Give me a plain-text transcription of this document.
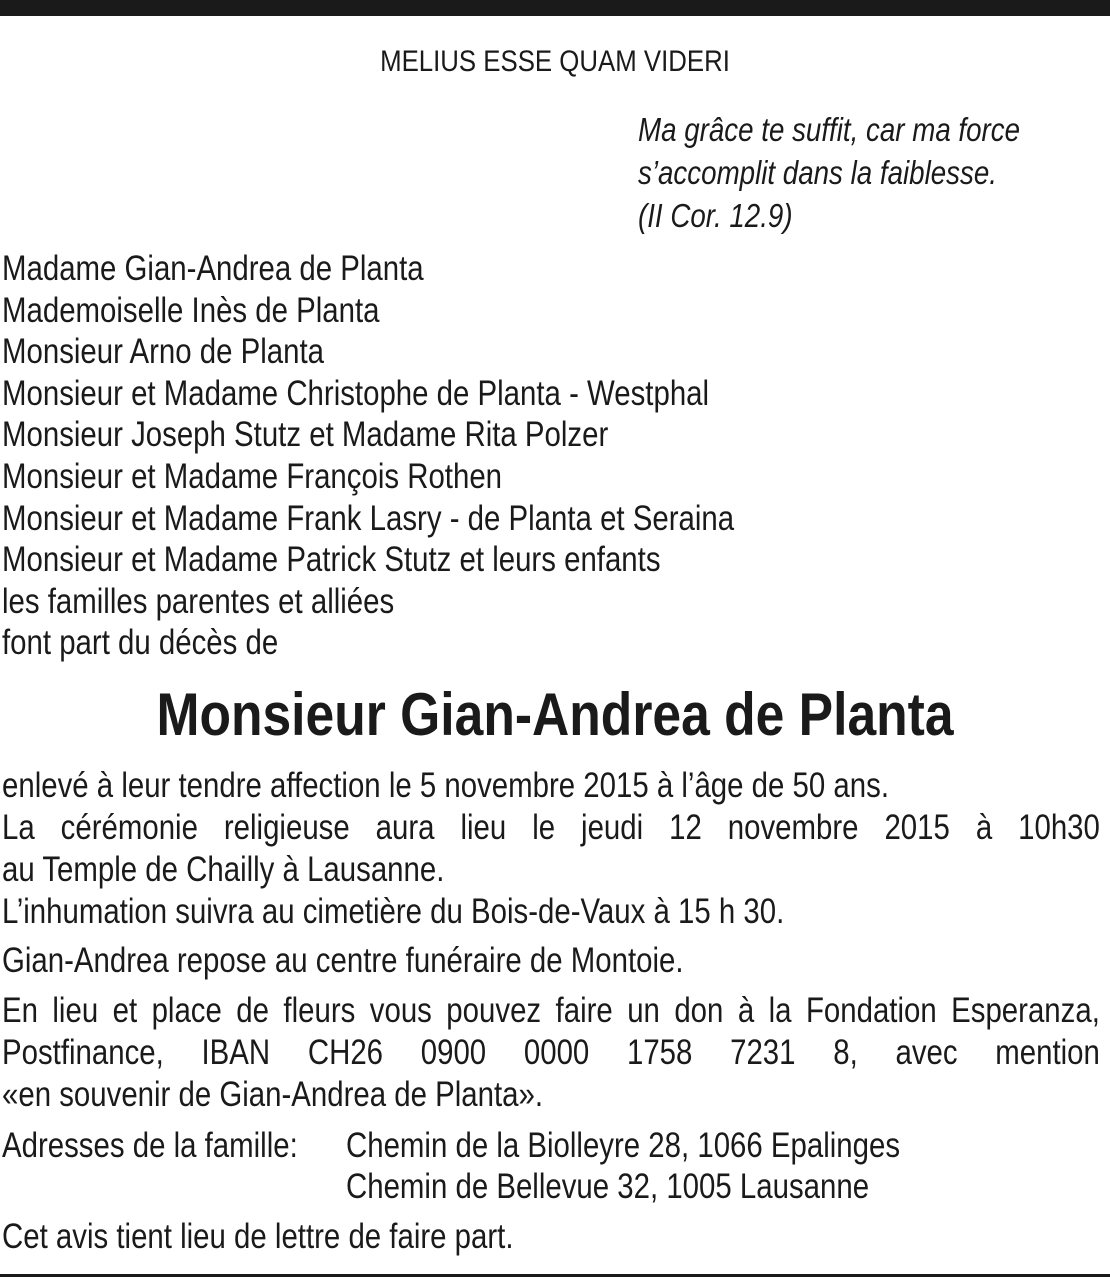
MELIUS ESSE QUAM VIDERI
Ma grâce te suffit, car ma force
s’accomplit dans la faiblesse.
(II Cor. 12.9)
Madame Gian-Andrea de Planta
Mademoiselle Inès de Planta
Monsieur Arno de Planta
Monsieur et Madame Christophe de Planta - Westphal
Monsieur Joseph Stutz et Madame Rita Polzer
Monsieur et Madame François Rothen
Monsieur et Madame Frank Lasry - de Planta et Seraina
Monsieur et Madame Patrick Stutz et leurs enfants
les familles parentes et alliées
font part du décès de
Monsieur Gian-Andrea de Planta
enlevé à leur tendre affection le 5 novembre 2015 à l’âge de 50 ans.
La cérémonie religieuse aura lieu le jeudi 12 novembre 2015 à 10h30
au Temple de Chailly à Lausanne.
L’inhumation suivra au cimetière du Bois-de-Vaux à 15 h 30.
Gian-Andrea repose au centre funéraire de Montoie.
En lieu et place de fleurs vous pouvez faire un don à la Fondation Esperanza,
Postfinance, IBAN CH26 0900 0000 1758 7231 8, avec mention
«en souvenir de Gian-Andrea de Planta».
Adresses de la famille: Chemin de la Biolleyre 28, 1066 Epalinges
Chemin de Bellevue 32, 1005 Lausanne
Cet avis tient lieu de lettre de faire part.
